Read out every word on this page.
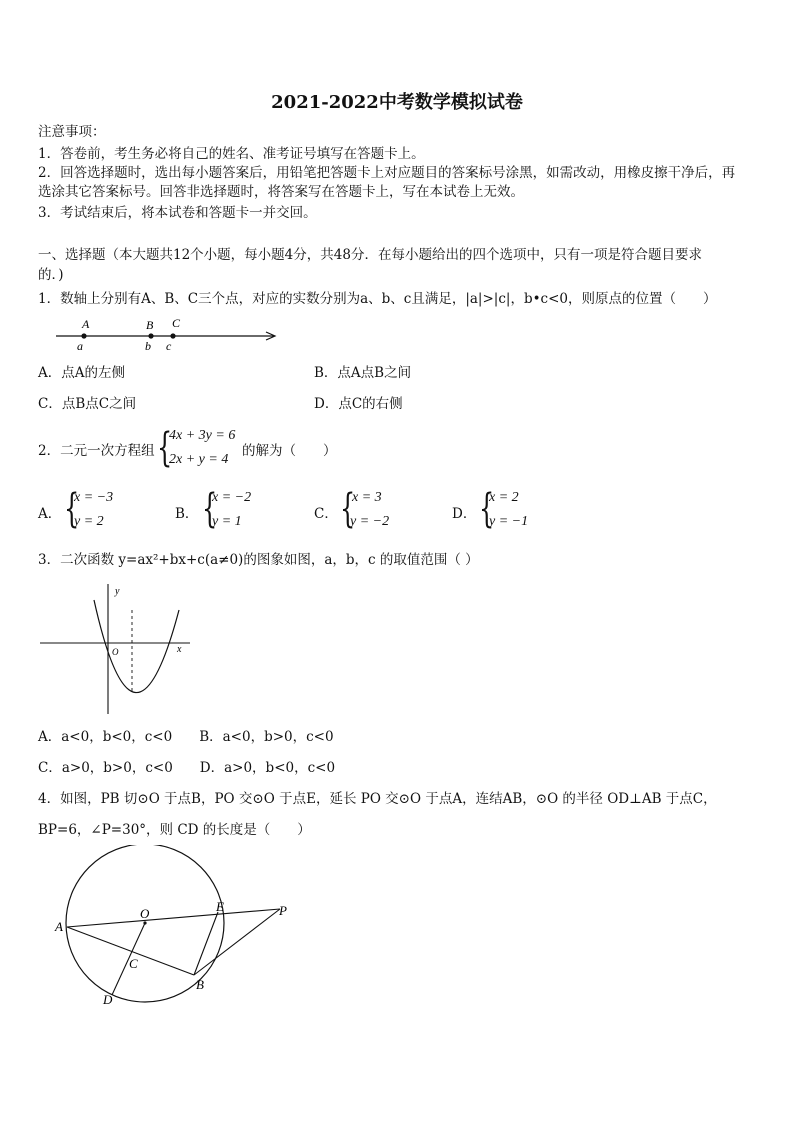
2021-2022中考数学模拟试卷
注意事项：
1．答卷前，考生务必将自己的姓名、准考证号填写在答题卡上。
2．回答选择题时，选出每小题答案后，用铅笔把答题卡上对应题目的答案标号涂黑，如需改动，用橡皮擦干净后，再
选涂其它答案标号。回答非选择题时，将答案写在答题卡上，写在本试卷上无效。
3．考试结束后，将本试卷和答题卡一并交回。
一、选择题（本大题共12个小题，每小题4分，共48分．在每小题给出的四个选项中，只有一项是符合题目要求
的．)
1．数轴上分别有A、B、C三个点，对应的实数分别为a、b、c且满足，|a|>|c|，b•c<0，则原点的位置（　　）
A	B C
a	b c
A．点A的左侧	B．点A点B之间
C．点B点C之间	D．点C的右侧
2．二元一次方程组 {
4x + 3y = 6
2x + y = 4
的解为（　　）
A． {
x = −3
y = 2	B． {
x = −2
y = 1	C． {
x = 3
y = −2	D． {
x = 2
y = −1
3．二次函数 y=ax²+bx+c(a≠0)的图象如图，a，b，c 的取值范围（ ）
y
x
O
A．a<0，b<0，c<0　　B．a<0，b>0，c<0
C．a>0，b>0，c<0　　D．a>0，b<0，c<0
4．如图，PB 切⊙O 于点B，PO 交⊙O 于点E，延长 PO 交⊙O 于点A，连结AB，⊙O 的半径 OD⊥AB 于点C，
BP=6，∠P=30°，则 CD 的长度是（　　）
A
O	E	P
C
D
B
